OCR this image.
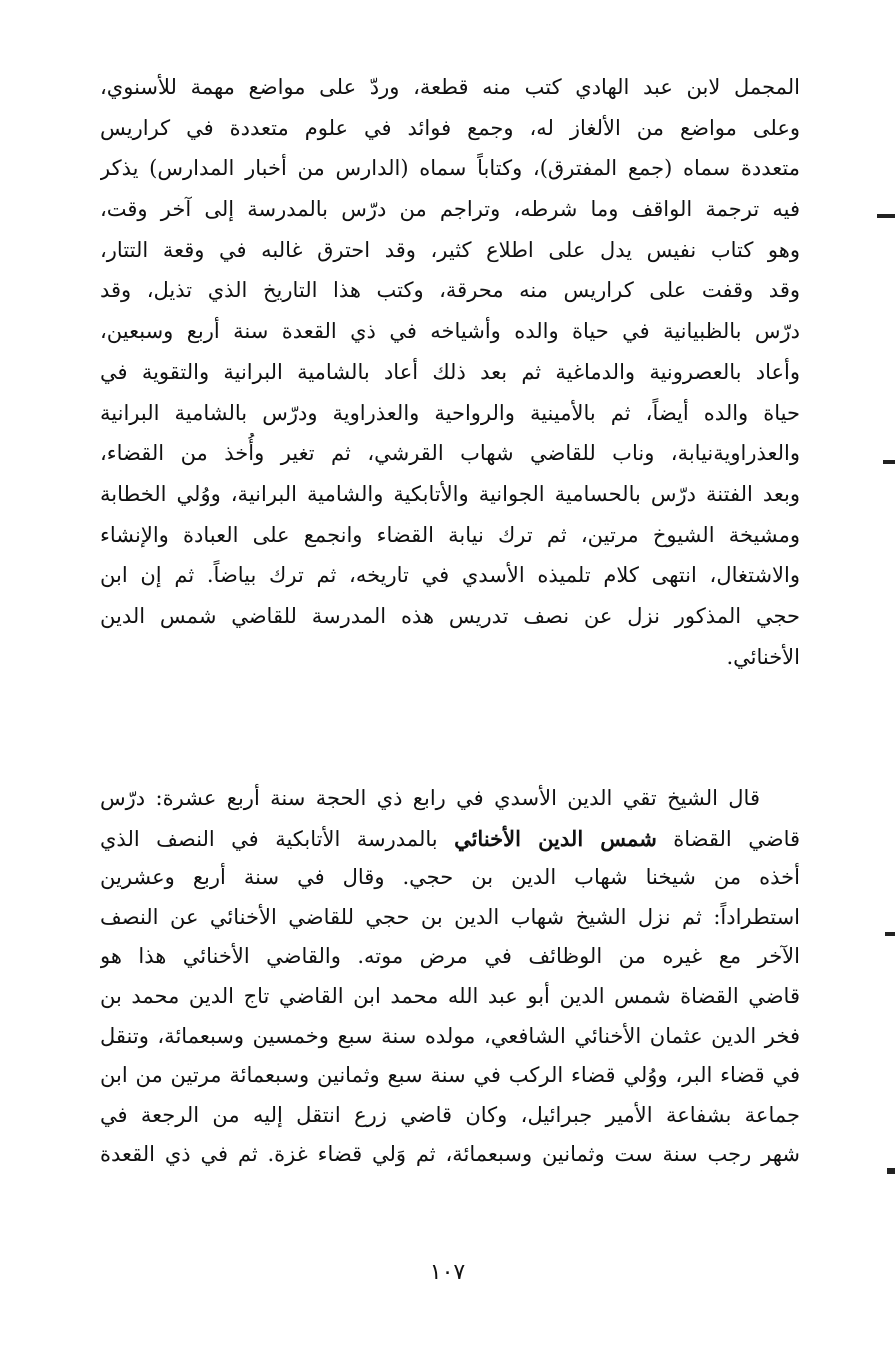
المجمل لابن عبد الهادي كتب منه قطعة، وردّ على مواضع مهمة للأسنوي،
وعلى مواضع من الألغاز له، وجمع فوائد في علوم متعددة في كراريس
متعددة سماه (جمع المفترق)، وكتاباً سماه (الدارس من أخبار المدارس) يذكر
فيه ترجمة الواقف وما شرطه، وتراجم من درّس بالمدرسة إلى آخر وقت،
وهو كتاب نفيس يدل على اطلاع كثير، وقد احترق غالبه في وقعة التتار،
وقد وقفت على كراريس منه محرقة، وكتب هذا التاريخ الذي تذيل، وقد
درّس بالظبيانية في حياة والده وأشياخه في ذي القعدة سنة أربع وسبعين،
وأعاد بالعصرونية والدماغية ثم بعد ذلك أعاد بالشامية البرانية والتقوية في
حياة والده أيضاً، ثم بالأمينية والرواحية والعذراوية ودرّس بالشامية البرانية
والعذراويةنيابة، وناب للقاضي شهاب القرشي، ثم تغير وأُخذ من القضاء،
وبعد الفتنة درّس بالحسامية الجوانية والأتابكية والشامية البرانية، ووُلي الخطابة
ومشيخة الشيوخ مرتين، ثم ترك نيابة القضاء وانجمع على العبادة والإنشاء
والاشتغال، انتهى كلام تلميذه الأسدي في تاريخه، ثم ترك بياضاً. ثم إن ابن
حجي المذكور نزل عن نصف تدريس هذه المدرسة للقاضي شمس الدين
الأخنائي.
قال الشيخ تقي الدين الأسدي في رابع ذي الحجة سنة أربع عشرة: درّس
قاضي القضاة شمس الدين الأخنائي بالمدرسة الأتابكية في النصف الذي
أخذه من شيخنا شهاب الدين بن حجي. وقال في سنة أربع وعشرين
استطراداً: ثم نزل الشيخ شهاب الدين بن حجي للقاضي الأخنائي عن النصف
الآخر مع غيره من الوظائف في مرض موته. والقاضي الأخنائي هذا هو
قاضي القضاة شمس الدين أبو عبد الله محمد ابن القاضي تاج الدين محمد بن
فخر الدين عثمان الأخنائي الشافعي، مولده سنة سبع وخمسين وسبعمائة، وتنقل
في قضاء البر، ووُلي قضاء الركب في سنة سبع وثمانين وسبعمائة مرتين من ابن
جماعة بشفاعة الأمير جبرائيل، وكان قاضي زرع انتقل إليه من الرجعة في
شهر رجب سنة ست وثمانين وسبعمائة، ثم وَلي قضاء غزة. ثم في ذي القعدة
١٠٧
